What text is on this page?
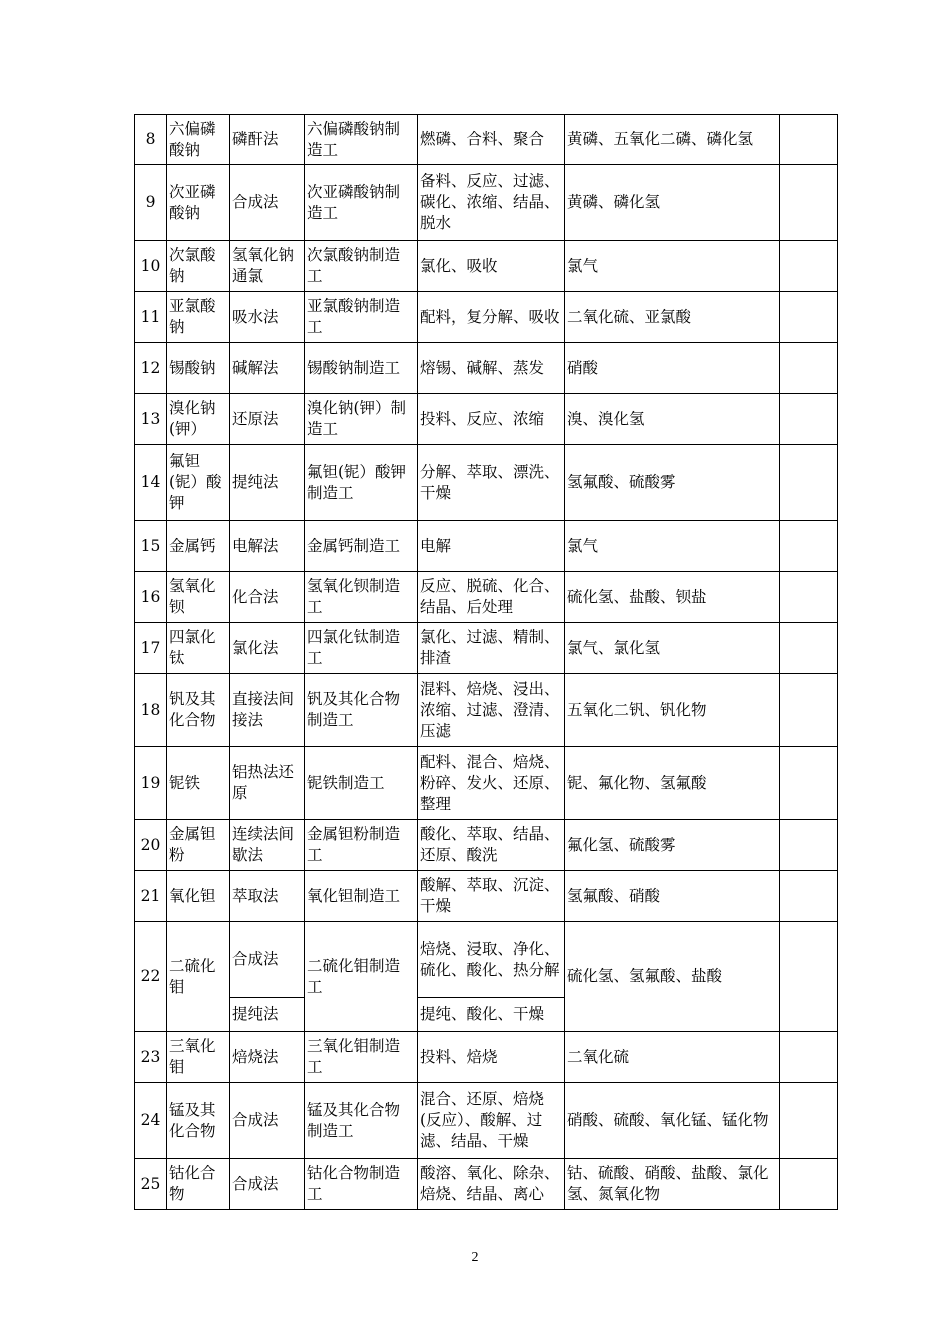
8	六偏磷酸钠	磷酐法	六偏磷酸钠制造工	燃磷、合料、聚合	黄磷、五氧化二磷、磷化氢	
9	次亚磷酸钠	合成法	次亚磷酸钠制造工	备料、反应、过滤、碳化、浓缩、结晶、脱水	黄磷、磷化氢	
10	次氯酸钠	氢氧化钠通氯	次氯酸钠制造工	氯化、吸收	氯气	
11	亚氯酸钠	吸水法	亚氯酸钠制造工	配料，复分解、吸收	二氧化硫、亚氯酸	
12	锡酸钠	碱解法	锡酸钠制造工	熔锡、碱解、蒸发	硝酸	
13	溴化钠(钾）	还原法	溴化钠(钾）制造工	投料、反应、浓缩	溴、溴化氢	
14	氟钽(铌）酸钾	提纯法	氟钽(铌）酸钾制造工	分解、萃取、漂洗、干燥	氢氟酸、硫酸雾	
15	金属钙	电解法	金属钙制造工	电解	氯气	
16	氢氧化钡	化合法	氢氧化钡制造工	反应、脱硫、化合、结晶、后处理	硫化氢、盐酸、钡盐	
17	四氯化钛	氯化法	四氯化钛制造工	氯化、过滤、精制、排渣	氯气、氯化氢	
18	钒及其化合物	直接法间接法	钒及其化合物制造工	混料、焙烧、浸出、浓缩、过滤、澄清、压滤	五氧化二钒、钒化物	
19	铌铁	铝热法还原	铌铁制造工	配料、混合、焙烧、粉碎、发火、还原、整理	铌、氟化物、氢氟酸	
20	金属钽粉	连续法间歇法	金属钽粉制造工	酸化、萃取、结晶、还原、酸洗	氟化氢、硫酸雾	
21	氧化钽	萃取法	氧化钽制造工	酸解、萃取、沉淀、干燥	氢氟酸、硝酸	
22	二硫化钼	合成法	二硫化钼制造工	焙烧、浸取、净化、硫化、酸化、热分解	硫化氢、氢氟酸、盐酸	
		提纯法		提纯、酸化、干燥		
23	三氧化钼	焙烧法	三氧化钼制造工	投料、焙烧	二氧化硫	
24	锰及其化合物	合成法	锰及其化合物制造工	混合、还原、焙烧(反应）、酸解、过滤、结晶、干燥	硝酸、硫酸、氧化锰、锰化物	
25	钴化合物	合成法	钴化合物制造工	酸溶、氧化、除杂、焙烧、结晶、离心	钴、硫酸、硝酸、盐酸、氯化氢、氮氧化物	
2
